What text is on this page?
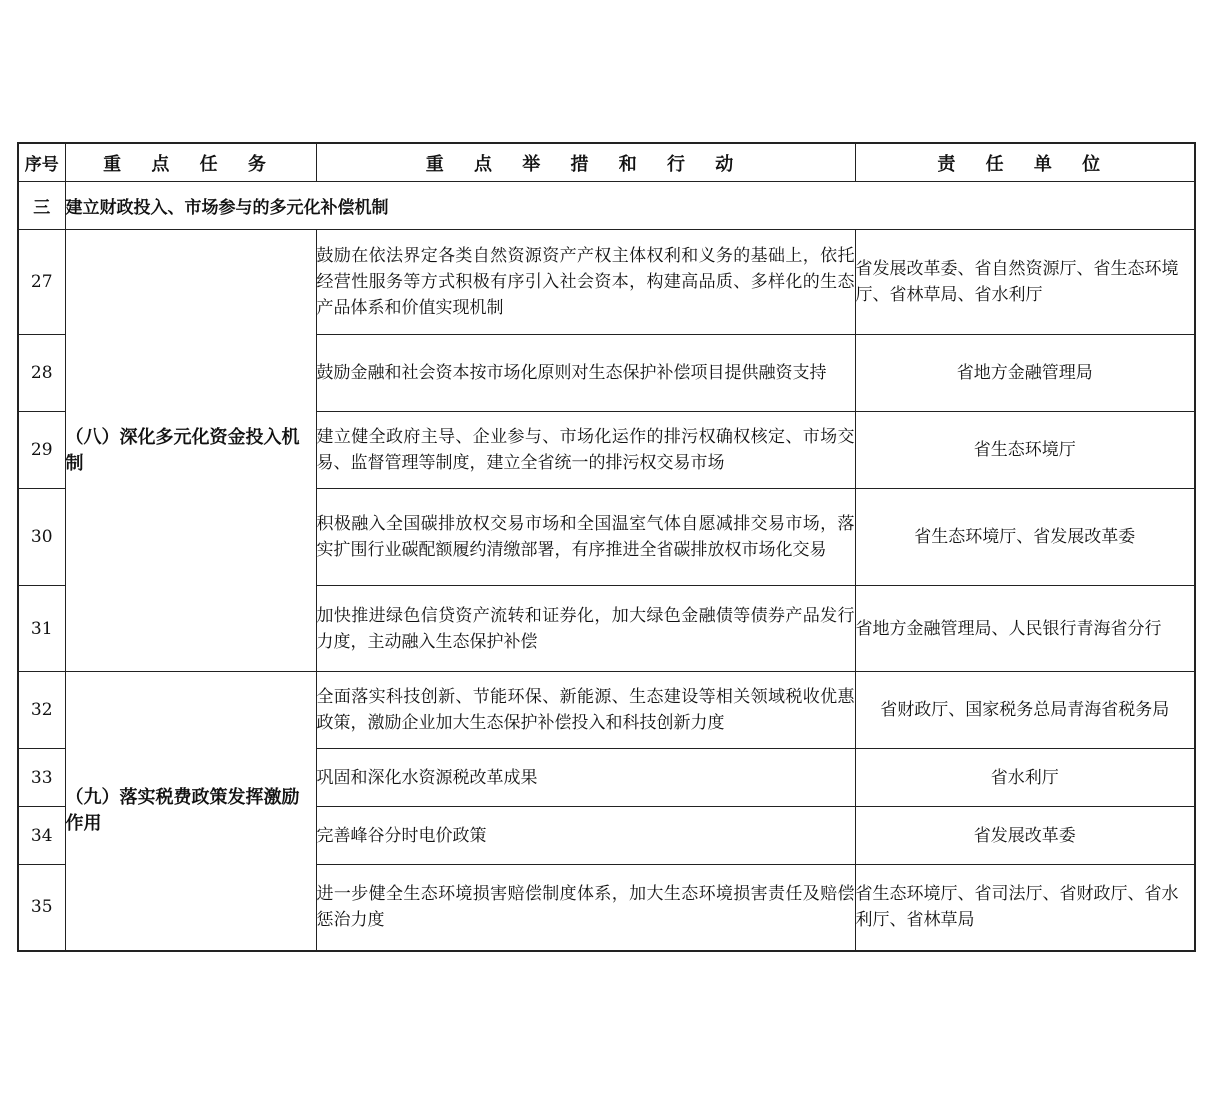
序号	重 点 任 务	重 点 举 措 和 行 动	责 任 单 位
三	建立财政投入、市场参与的多元化补偿机制		
27	（八）深化多元化资金投入机制	鼓励在依法界定各类自然资源资产产权主体权利和义务的基础上，依托经营性服务等方式积极有序引入社会资本，构建高品质、多样化的生态产品体系和价值实现机制	省发展改革委、省自然资源厅、省生态环境厅、省林草局、省水利厅
28		鼓励金融和社会资本按市场化原则对生态保护补偿项目提供融资支持	省地方金融管理局
29		建立健全政府主导、企业参与、市场化运作的排污权确权核定、市场交易、监督管理等制度，建立全省统一的排污权交易市场	省生态环境厅
30		积极融入全国碳排放权交易市场和全国温室气体自愿减排交易市场，落实扩围行业碳配额履约清缴部署，有序推进全省碳排放权市场化交易	省生态环境厅、省发展改革委
31		加快推进绿色信贷资产流转和证券化，加大绿色金融债等债券产品发行力度，主动融入生态保护补偿	省地方金融管理局、人民银行青海省分行
32	（九）落实税费政策发挥激励作用	全面落实科技创新、节能环保、新能源、生态建设等相关领域税收优惠政策，激励企业加大生态保护补偿投入和科技创新力度	省财政厅、国家税务总局青海省税务局
33		巩固和深化水资源税改革成果	省水利厅
34		完善峰谷分时电价政策	省发展改革委
35		进一步健全生态环境损害赔偿制度体系，加大生态环境损害责任及赔偿惩治力度	省生态环境厅、省司法厅、省财政厅、省水利厅、省林草局
